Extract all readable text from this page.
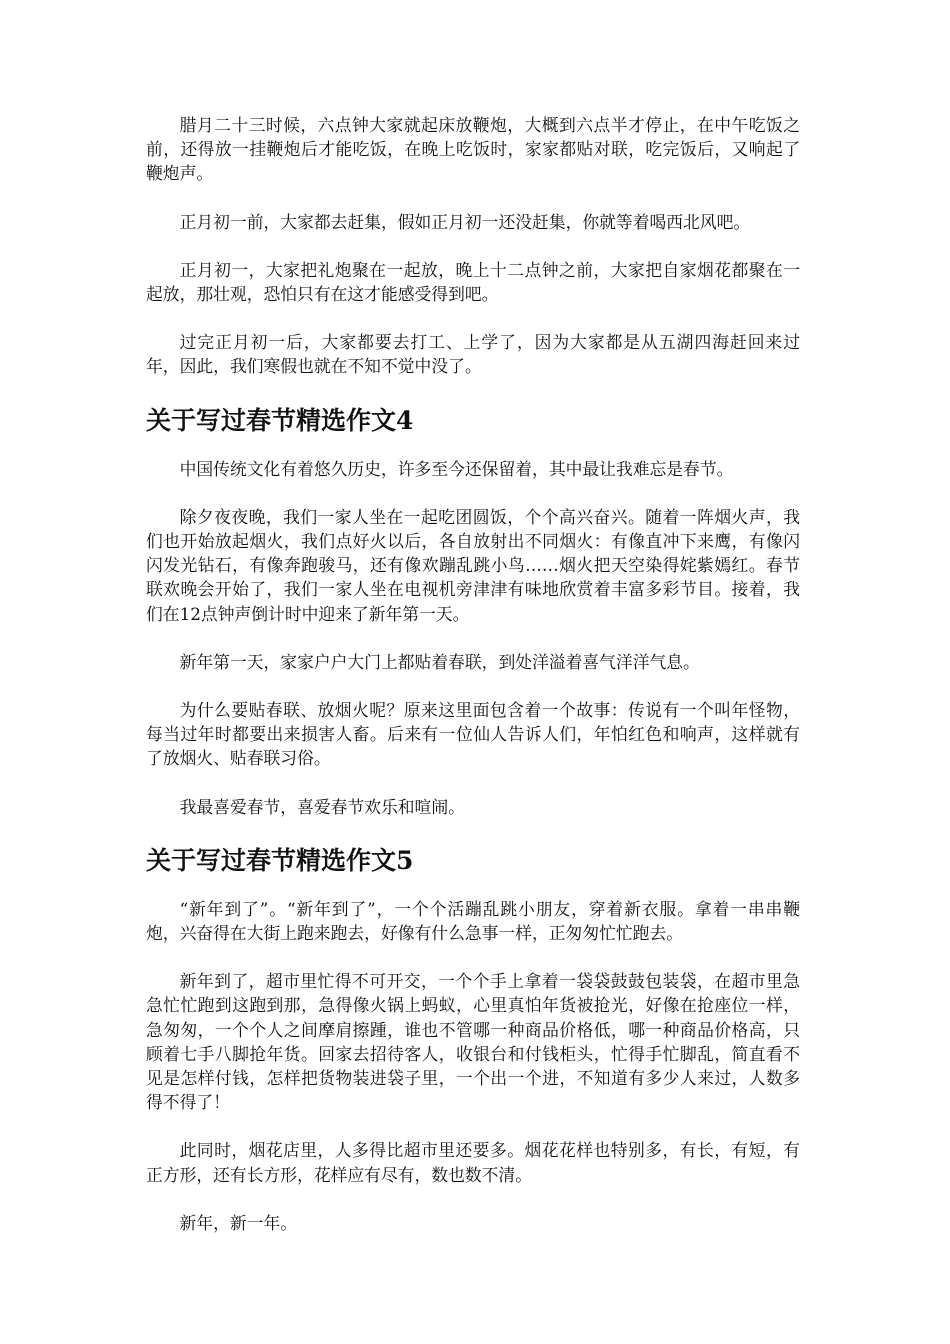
腊月二十三时候，六点钟大家就起床放鞭炮，大概到六点半才停止，在中午吃饭之前，还得放一挂鞭炮后才能吃饭，在晚上吃饭时，家家都贴对联，吃完饭后，又响起了鞭炮声。

正月初一前，大家都去赶集，假如正月初一还没赶集，你就等着喝西北风吧。

正月初一，大家把礼炮聚在一起放，晚上十二点钟之前，大家把自家烟花都聚在一起放，那壮观，恐怕只有在这才能感受得到吧。

过完正月初一后，大家都要去打工、上学了，因为大家都是从五湖四海赶回来过年，因此，我们寒假也就在不知不觉中没了。

关于写过春节精选作文4

中国传统文化有着悠久历史，许多至今还保留着，其中最让我难忘是春节。

除夕夜夜晚，我们一家人坐在一起吃团圆饭，个个高兴奋兴。随着一阵烟火声，我们也开始放起烟火，我们点好火以后，各自放射出不同烟火：有像直冲下来鹰，有像闪闪发光钻石，有像奔跑骏马，还有像欢蹦乱跳小鸟……烟火把天空染得姹紫嫣红。春节联欢晚会开始了，我们一家人坐在电视机旁津津有味地欣赏着丰富多彩节目。接着，我们在12点钟声倒计时中迎来了新年第一天。

新年第一天，家家户户大门上都贴着春联，到处洋溢着喜气洋洋气息。

为什么要贴春联、放烟火呢？原来这里面包含着一个故事：传说有一个叫年怪物，每当过年时都要出来损害人畜。后来有一位仙人告诉人们，年怕红色和响声，这样就有了放烟火、贴春联习俗。

我最喜爱春节，喜爱春节欢乐和喧闹。

关于写过春节精选作文5

“新年到了”。“新年到了”，一个个活蹦乱跳小朋友，穿着新衣服。拿着一串串鞭炮，兴奋得在大街上跑来跑去，好像有什么急事一样，正匆匆忙忙跑去。

新年到了，超市里忙得不可开交，一个个手上拿着一袋袋鼓鼓包装袋，在超市里急急忙忙跑到这跑到那，急得像火锅上蚂蚁，心里真怕年货被抢光，好像在抢座位一样，急匆匆，一个个人之间摩肩擦踵，谁也不管哪一种商品价格低，哪一种商品价格高，只顾着七手八脚抢年货。回家去招待客人，收银台和付钱柜头，忙得手忙脚乱，简直看不见是怎样付钱，怎样把货物装进袋子里，一个出一个进，不知道有多少人来过，人数多得不得了！

此同时，烟花店里，人多得比超市里还要多。烟花花样也特别多，有长，有短，有正方形，还有长方形，花样应有尽有，数也数不清。

新年，新一年。
